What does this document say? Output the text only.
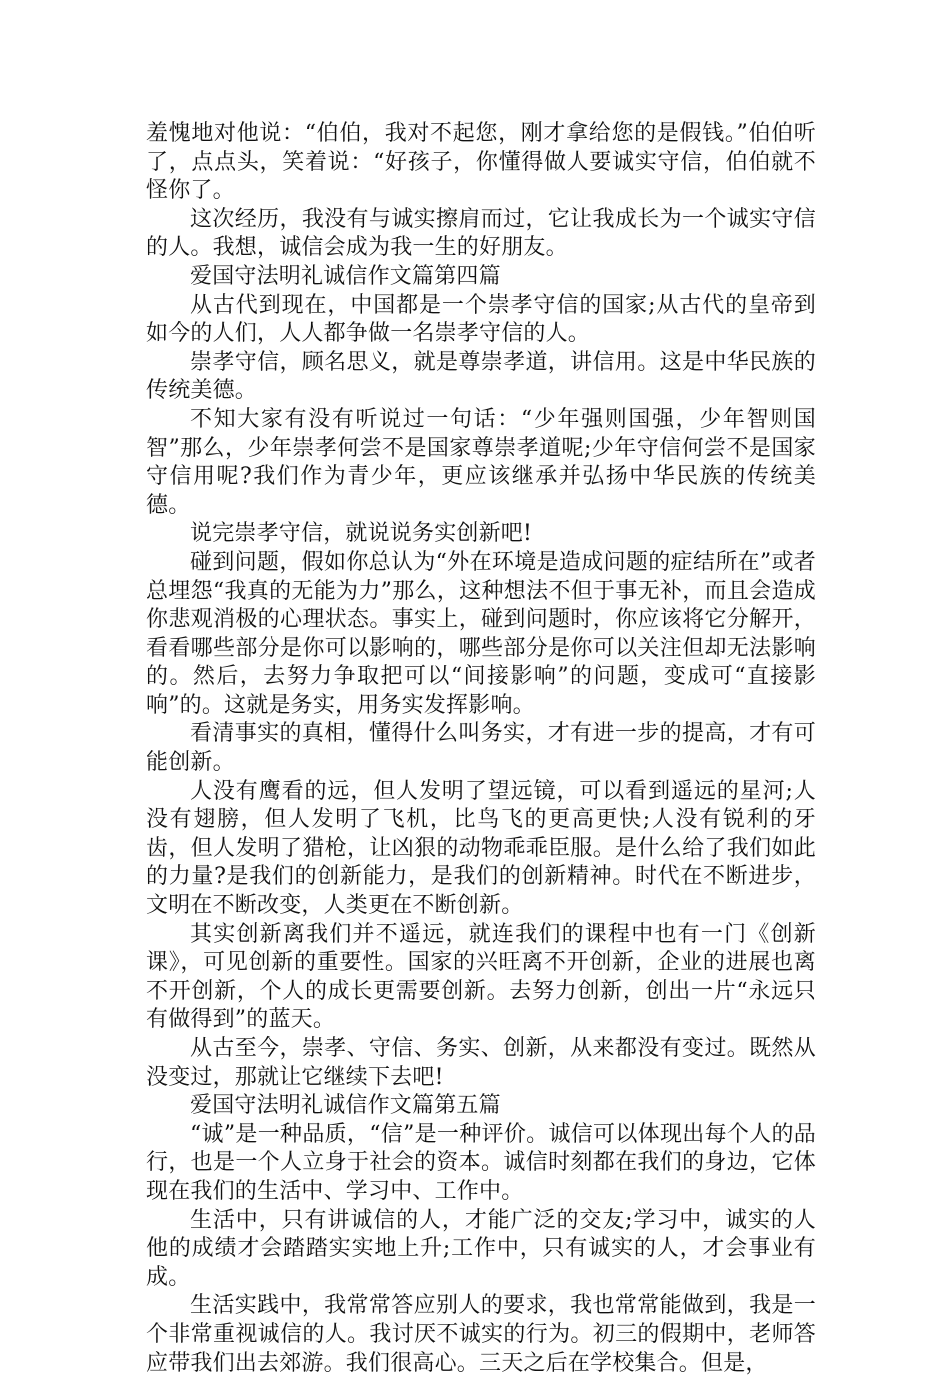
羞愧地对他说：“伯伯，我对不起您，刚才拿给您的是假钱。”伯伯听了，点点头，笑着说：“好孩子，你懂得做人要诚实守信，伯伯就不怪你了。

这次经历，我没有与诚实擦肩而过，它让我成长为一个诚实守信的人。我想，诚信会成为我一生的好朋友。

爱国守法明礼诚信作文篇第四篇

从古代到现在，中国都是一个崇孝守信的国家;从古代的皇帝到如今的人们，人人都争做一名崇孝守信的人。

崇孝守信，顾名思义，就是尊崇孝道，讲信用。这是中华民族的传统美德。

不知大家有没有听说过一句话：“少年强则国强，少年智则国智”那么，少年崇孝何尝不是国家尊崇孝道呢;少年守信何尝不是国家守信用呢?我们作为青少年，更应该继承并弘扬中华民族的传统美德。

说完崇孝守信，就说说务实创新吧!

碰到问题，假如你总认为“外在环境是造成问题的症结所在”或者总埋怨“我真的无能为力”那么，这种想法不但于事无补，而且会造成你悲观消极的心理状态。事实上，碰到问题时，你应该将它分解开，看看哪些部分是你可以影响的，哪些部分是你可以关注但却无法影响的。然后，去努力争取把可以“间接影响”的问题，变成可“直接影响”的。这就是务实，用务实发挥影响。

看清事实的真相，懂得什么叫务实，才有进一步的提高，才有可能创新。

人没有鹰看的远，但人发明了望远镜，可以看到遥远的星河;人没有翅膀，但人发明了飞机，比鸟飞的更高更快;人没有锐利的牙齿，但人发明了猎枪，让凶狠的动物乖乖臣服。是什么给了我们如此的力量?是我们的创新能力，是我们的创新精神。时代在不断进步，文明在不断改变，人类更在不断创新。

其实创新离我们并不遥远，就连我们的课程中也有一门《创新课》，可见创新的重要性。国家的兴旺离不开创新，企业的进展也离不开创新，个人的成长更需要创新。去努力创新，创出一片“永远只有做得到”的蓝天。

从古至今，崇孝、守信、务实、创新，从来都没有变过。既然从没变过，那就让它继续下去吧!

爱国守法明礼诚信作文篇第五篇

“诚”是一种品质，“信”是一种评价。诚信可以体现出每个人的品行，也是一个人立身于社会的资本。诚信时刻都在我们的身边，它体现在我们的生活中、学习中、工作中。

生活中，只有讲诚信的人，才能广泛的交友;学习中，诚实的人他的成绩才会踏踏实实地上升;工作中，只有诚实的人，才会事业有成。

生活实践中，我常常答应别人的要求，我也常常能做到，我是一个非常重视诚信的人。我讨厌不诚实的行为。初三的假期中，老师答应带我们出去郊游。我们很高心。三天之后在学校集合。但是，
